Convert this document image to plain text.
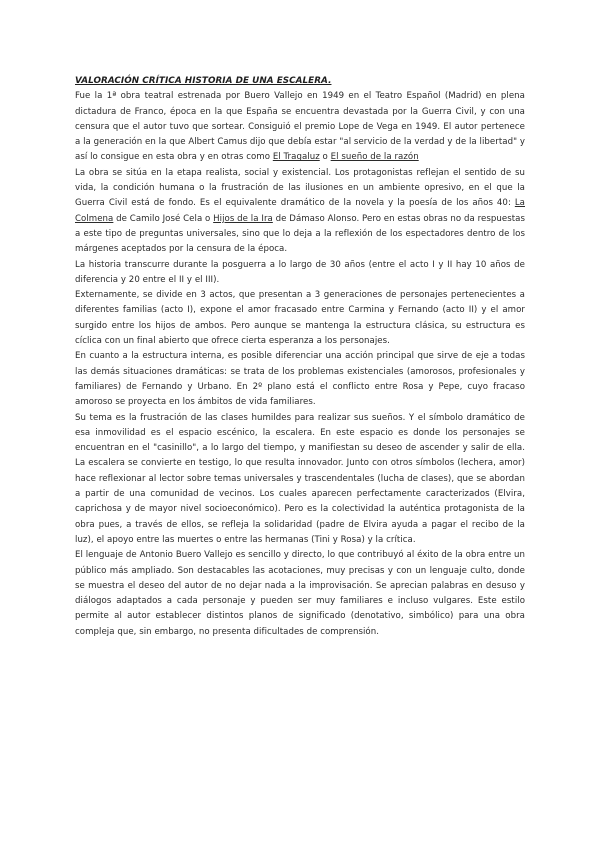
VALORACIÓN CRÍTICA HISTORIA DE UNA ESCALERA.

Fue la 1ª obra teatral estrenada por Buero Vallejo en 1949 en el Teatro Español (Madrid) en plena dictadura de Franco, época en la que España se encuentra devastada por la Guerra Civil, y con una censura que el autor tuvo que sortear. Consiguió el premio Lope de Vega en 1949. El autor pertenece a la generación en la que Albert Camus dijo que debía estar "al servicio de la verdad y de la libertad" y así lo consigue en esta obra y en otras como El Tragaluz o El sueño de la razón

La obra se sitúa en la etapa realista, social y existencial. Los protagonistas reflejan el sentido de su vida, la condición humana o la frustración de las ilusiones en un ambiente opresivo, en el que la Guerra Civil está de fondo. Es el equivalente dramático de la novela y la poesía de los años 40: La Colmena de Camilo José Cela o Hijos de la Ira de Dámaso Alonso. Pero en estas obras no da respuestas a este tipo de preguntas universales, sino que lo deja a la reflexión de los espectadores dentro de los márgenes aceptados por la censura de la época.

La historia transcurre durante la posguerra a lo largo de 30 años (entre el acto I y II hay 10 años de diferencia y 20 entre el II y el III).

Externamente, se divide en 3 actos, que presentan a 3 generaciones de personajes pertenecientes a diferentes familias (acto I), expone el amor fracasado entre Carmina y Fernando (acto II) y el amor surgido entre los hijos de ambos. Pero aunque se mantenga la estructura clásica, su estructura es cíclica con un final abierto que ofrece cierta esperanza a los personajes.

En cuanto a la estructura interna, es posible diferenciar una acción principal que sirve de eje a todas las demás situaciones dramáticas: se trata de los problemas existenciales (amorosos, profesionales y familiares) de Fernando y Urbano. En 2º plano está el conflicto entre Rosa y Pepe, cuyo fracaso amoroso se proyecta en los ámbitos de vida familiares.

Su tema es la frustración de las clases humildes para realizar sus sueños. Y el símbolo dramático de esa inmovilidad es el espacio escénico, la escalera. En este espacio es donde los personajes se encuentran en el "casinillo", a lo largo del tiempo, y manifiestan su deseo de ascender y salir de ella. La escalera se convierte en testigo, lo que resulta innovador. Junto con otros símbolos (lechera, amor) hace reflexionar al lector sobre temas universales y trascendentales (lucha de clases), que se abordan a partir de una comunidad de vecinos. Los cuales aparecen perfectamente caracterizados (Elvira, caprichosa y de mayor nivel socioeconómico). Pero es la colectividad la auténtica protagonista de la obra pues, a través de ellos, se refleja la solidaridad (padre de Elvira ayuda a pagar el recibo de la luz), el apoyo entre las muertes o entre las hermanas (Tini y Rosa) y la crítica.

El lenguaje de Antonio Buero Vallejo es sencillo y directo, lo que contribuyó al éxito de la obra entre un público más ampliado. Son destacables las acotaciones, muy precisas y con un lenguaje culto, donde se muestra el deseo del autor de no dejar nada a la improvisación. Se aprecian palabras en desuso y diálogos adaptados a cada personaje y pueden ser muy familiares e incluso vulgares. Este estilo permite al autor establecer distintos planos de significado (denotativo, simbólico) para una obra compleja que, sin embargo, no presenta dificultades de comprensión.
